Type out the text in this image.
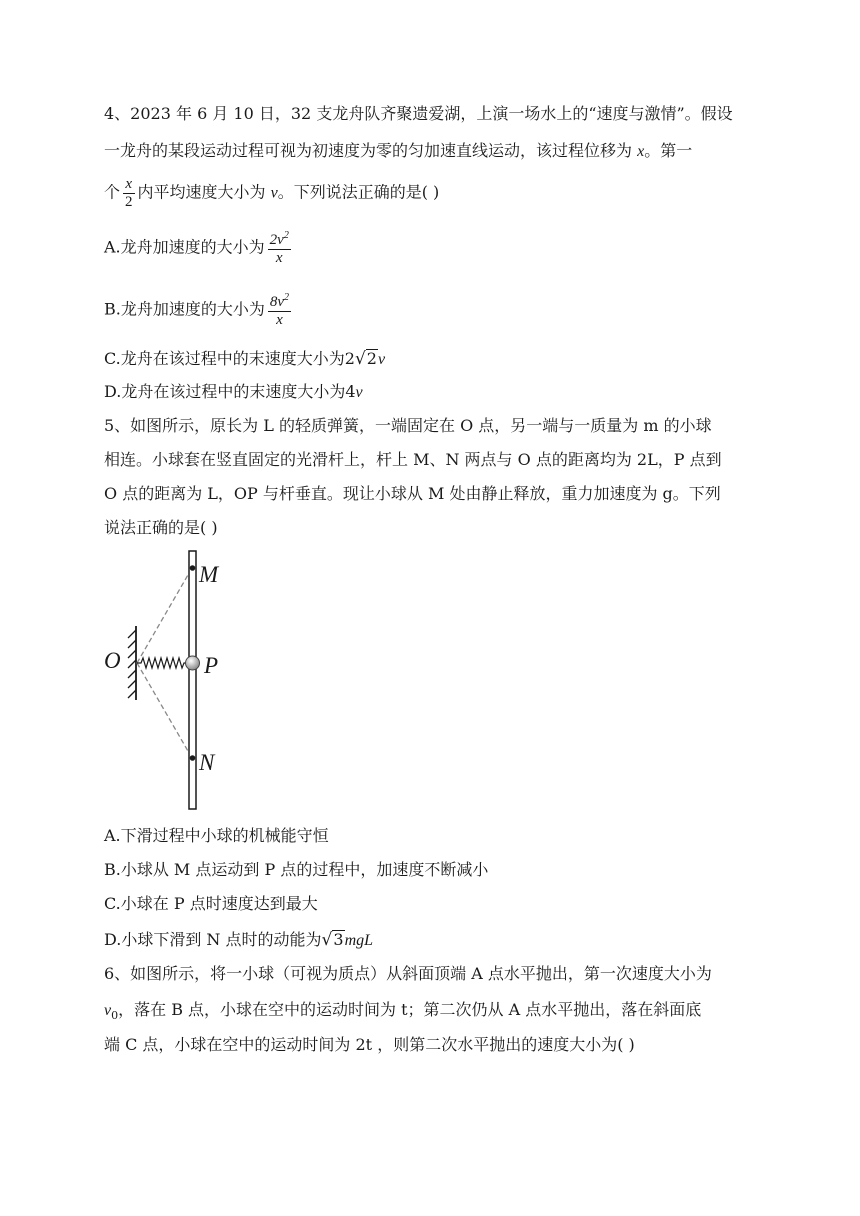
4、2023 年 6 月 10 日，32 支龙舟队齐聚遗爱湖，上演一场水上的“速度与激情”。假设
一龙舟的某段运动过程可视为初速度为零的匀加速直线运动，该过程位移为 x。第一
个 $\frac{x}{2}$ 内平均速度大小为 v。下列说法正确的是( )
A.龙舟加速度的大小为 $\frac{2v^2}{x}$
B.龙舟加速度的大小为 $\frac{8v^2}{x}$
C.龙舟在该过程中的末速度大小为2√2v
D.龙舟在该过程中的末速度大小为4v
5、如图所示，原长为 L 的轻质弹簧，一端固定在 O 点，另一端与一质量为 m 的小球
相连。小球套在竖直固定的光滑杆上，杆上 M、N 两点与 O 点的距离均为 2L，P 点到
O 点的距离为 L，OP 与杆垂直。现让小球从 M 处由静止释放，重力加速度为 g。下列
说法正确的是( )
M
O	P
N
A.下滑过程中小球的机械能守恒
B.小球从 M 点运动到 P 点的过程中，加速度不断减小
C.小球在 P 点时速度达到最大
D.小球下滑到 N 点时的动能为√3mgL
6、如图所示，将一小球（可视为质点）从斜面顶端 A 点水平抛出，第一次速度大小为
$v_0$，落在 B 点，小球在空中的运动时间为 t；第二次仍从 A 点水平抛出，落在斜面底
端 C 点，小球在空中的运动时间为 2t ，则第二次水平抛出的速度大小为( )
